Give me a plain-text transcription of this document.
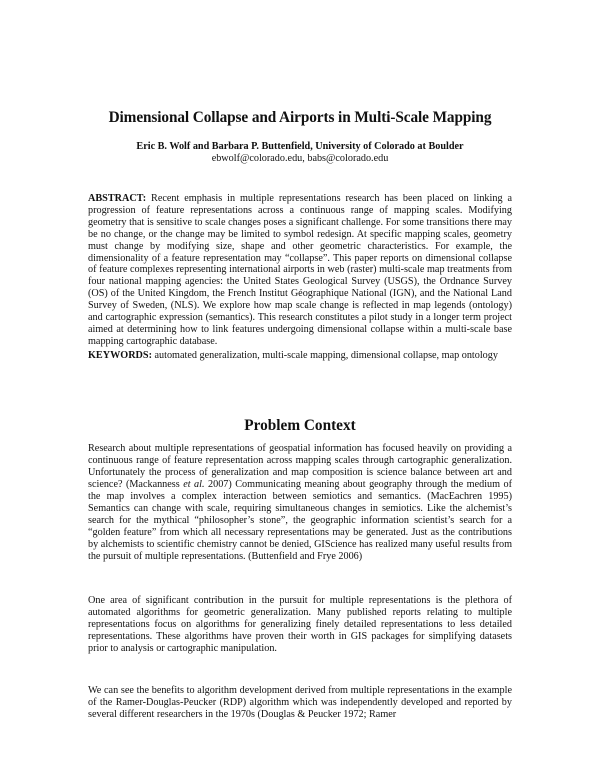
Dimensional Collapse and Airports in Multi-Scale Mapping
Eric B. Wolf and Barbara P. Buttenfield, University of Colorado at Boulder
ebwolf@colorado.edu, babs@colorado.edu
ABSTRACT: Recent emphasis in multiple representations research has been placed on linking a progression of feature representations across a continuous range of mapping scales. Modifying geometry that is sensitive to scale changes poses a significant challenge. For some transitions there may be no change, or the change may be limited to symbol redesign. At specific mapping scales, geometry must change by modifying size, shape and other geometric characteristics. For example, the dimensionality of a feature representation may “collapse”. This paper reports on dimensional collapse of feature complexes representing international airports in web (raster) multi-scale map treatments from four national mapping agencies: the United States Geological Survey (USGS), the Ordnance Survey (OS) of the United Kingdom, the French Institut Géographique National (IGN), and the National Land Survey of Sweden, (NLS). We explore how map scale change is reflected in map legends (ontology) and cartographic expression (semantics). This research constitutes a pilot study in a longer term project aimed at determining how to link features undergoing dimensional collapse within a multi-scale base mapping cartographic database.
KEYWORDS: automated generalization, multi-scale mapping, dimensional collapse, map ontology
Problem Context

Research about multiple representations of geospatial information has focused heavily on providing a continuous range of feature representation across mapping scales through cartographic generalization. Unfortunately the process of generalization and map composition is science balance between art and science? (Mackanness et al. 2007) Communicating meaning about geography through the medium of the map involves a complex interaction between semiotics and semantics. (MacEachren 1995) Semantics can change with scale, requiring simultaneous changes in semiotics. Like the alchemist’s search for the mythical “philosopher’s stone”, the geographic information scientist’s search for a “golden feature” from which all necessary representations may be generated. Just as the contributions by alchemists to scientific chemistry cannot be denied, GIScience has realized many useful results from the pursuit of multiple representations. (Buttenfield and Frye 2006)

One area of significant contribution in the pursuit for multiple representations is the plethora of automated algorithms for geometric generalization. Many published reports relating to multiple representations focus on algorithms for generalizing finely detailed representations to less detailed representations. These algorithms have proven their worth in GIS packages for simplifying datasets prior to analysis or cartographic manipulation.

We can see the benefits to algorithm development derived from multiple representations in the example of the Ramer-Douglas-Peucker (RDP) algorithm which was independently developed and reported by several different researchers in the 1970s (Douglas & Peucker 1972; Ramer
